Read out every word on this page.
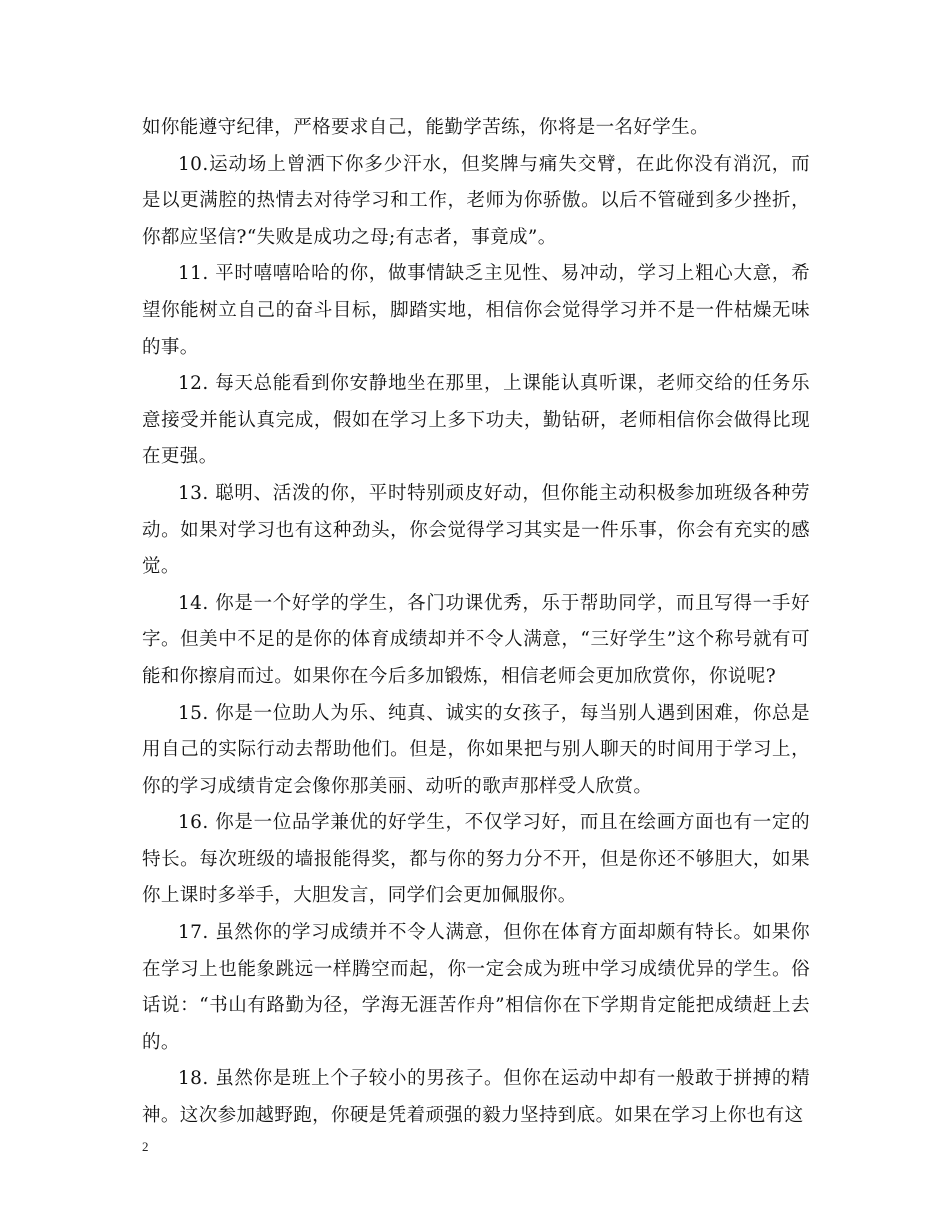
如你能遵守纪律，严格要求自己，能勤学苦练，你将是一名好学生。

10.运动场上曾洒下你多少汗水，但奖牌与痛失交臂，在此你没有消沉，而是以更满腔的热情去对待学习和工作，老师为你骄傲。以后不管碰到多少挫折，你都应坚信?“失败是成功之母;有志者，事竟成”。

11. 平时嘻嘻哈哈的你，做事情缺乏主见性、易冲动，学习上粗心大意，希望你能树立自己的奋斗目标，脚踏实地，相信你会觉得学习并不是一件枯燥无味的事。

12. 每天总能看到你安静地坐在那里，上课能认真听课，老师交给的任务乐意接受并能认真完成，假如在学习上多下功夫，勤钻研，老师相信你会做得比现在更强。

13. 聪明、活泼的你，平时特别顽皮好动，但你能主动积极参加班级各种劳动。如果对学习也有这种劲头，你会觉得学习其实是一件乐事，你会有充实的感觉。

14. 你是一个好学的学生，各门功课优秀，乐于帮助同学，而且写得一手好字。但美中不足的是你的体育成绩却并不令人满意，“三好学生”这个称号就有可能和你擦肩而过。如果你在今后多加锻炼，相信老师会更加欣赏你，你说呢?

15. 你是一位助人为乐、纯真、诚实的女孩子，每当别人遇到困难，你总是用自己的实际行动去帮助他们。但是，你如果把与别人聊天的时间用于学习上，你的学习成绩肯定会像你那美丽、动听的歌声那样受人欣赏。

16. 你是一位品学兼优的好学生，不仅学习好，而且在绘画方面也有一定的特长。每次班级的墙报能得奖，都与你的努力分不开，但是你还不够胆大，如果你上课时多举手，大胆发言，同学们会更加佩服你。

17. 虽然你的学习成绩并不令人满意，但你在体育方面却颇有特长。如果你在学习上也能象跳远一样腾空而起，你一定会成为班中学习成绩优异的学生。俗话说：“书山有路勤为径，学海无涯苦作舟”相信你在下学期肯定能把成绩赶上去的。

18. 虽然你是班上个子较小的男孩子。但你在运动中却有一般敢于拼搏的精神。这次参加越野跑，你硬是凭着顽强的毅力坚持到底。如果在学习上你也有这

2
